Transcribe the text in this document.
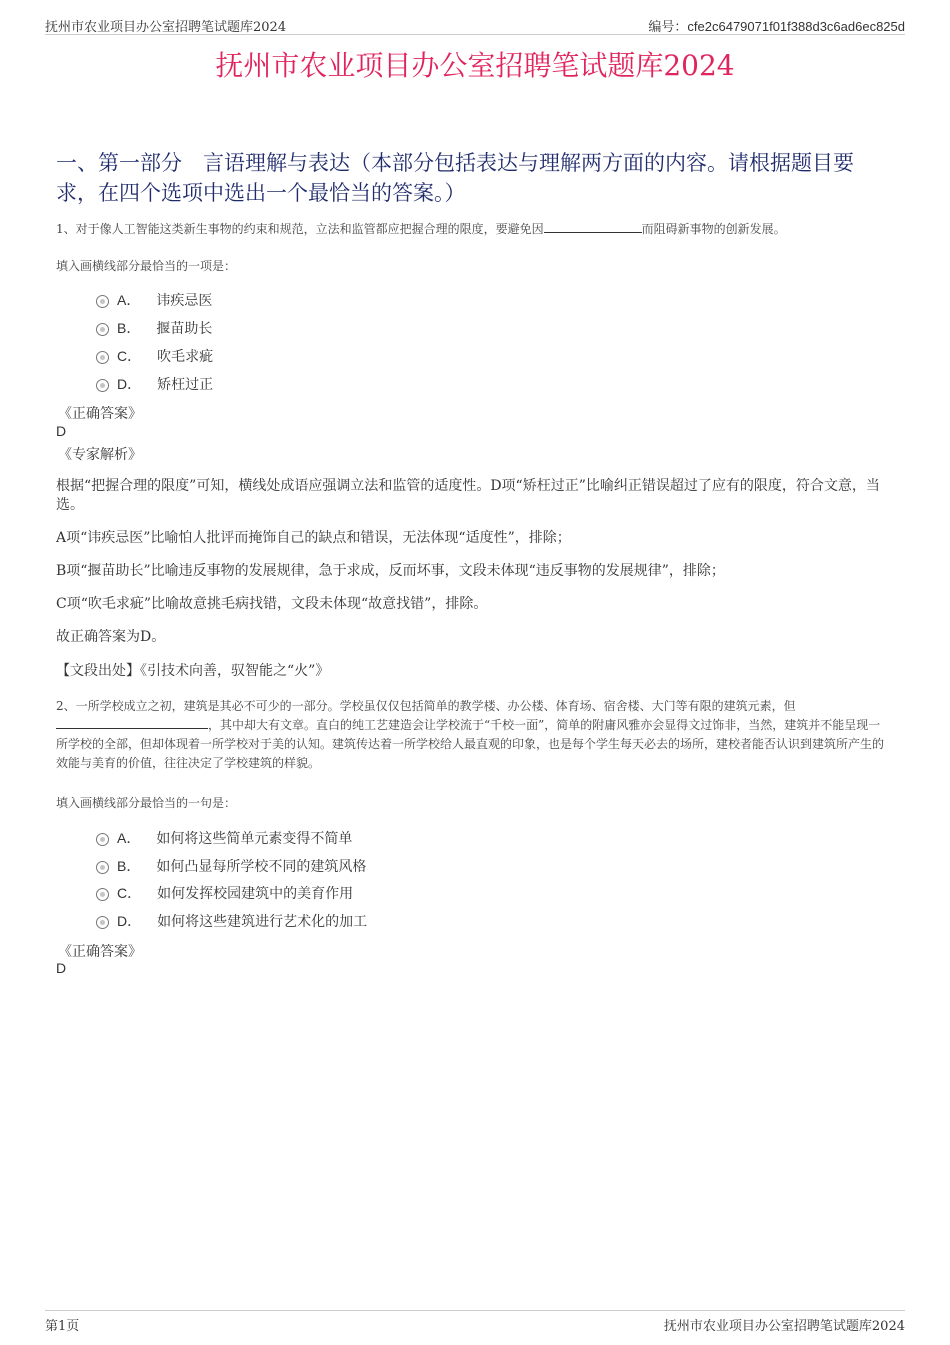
抚州市农业项目办公室招聘笔试题库2024	编号：cfe2c6479071f01f388d3c6ad6ec825d
抚州市农业项目办公室招聘笔试题库2024
一、第一部分　言语理解与表达（本部分包括表达与理解两方面的内容。请根据题目要求，在四个选项中选出一个最恰当的答案。）
1、对于像人工智能这类新生事物的约束和规范，立法和监管都应把握合理的限度，要避免因	而阻碍新事物的创新发展。
填入画横线部分最恰当的一项是：
A． 讳疾忌医
B． 揠苗助长
C． 吹毛求疵
D． 矫枉过正
《正确答案》
D
《专家解析》
根据“把握合理的限度”可知，横线处成语应强调立法和监管的适度性。D项“矫枉过正”比喻纠正错误超过了应有的限度，符合文意，当选。
A项“讳疾忌医”比喻怕人批评而掩饰自己的缺点和错误，无法体现“适度性”，排除；
B项“揠苗助长”比喻违反事物的发展规律，急于求成，反而坏事，文段未体现“违反事物的发展规律”，排除；
C项“吹毛求疵”比喻故意挑毛病找错，文段未体现“故意找错”，排除。
故正确答案为D。
【文段出处】《引技术向善，驭智能之“火”》
2、一所学校成立之初，建筑是其必不可少的一部分。学校虽仅仅包括简单的教学楼、办公楼、体育场、宿舍楼、大门等有限的建筑元素，但，其中却大有文章。直白的纯工艺建造会让学校流于“千校一面”，简单的附庸风雅亦会显得文过饰非，当然，建筑并不能呈现一所学校的全部，但却体现着一所学校对于美的认知。建筑传达着一所学校给人最直观的印象，也是每个学生每天必去的场所，建校者能否认识到建筑所产生的效能与美育的价值，往往决定了学校建筑的样貌。
填入画横线部分最恰当的一句是：
A． 如何将这些简单元素变得不简单
B． 如何凸显每所学校不同的建筑风格
C． 如何发挥校园建筑中的美育作用
D． 如何将这些建筑进行艺术化的加工
《正确答案》
D
第1页	抚州市农业项目办公室招聘笔试题库2024
